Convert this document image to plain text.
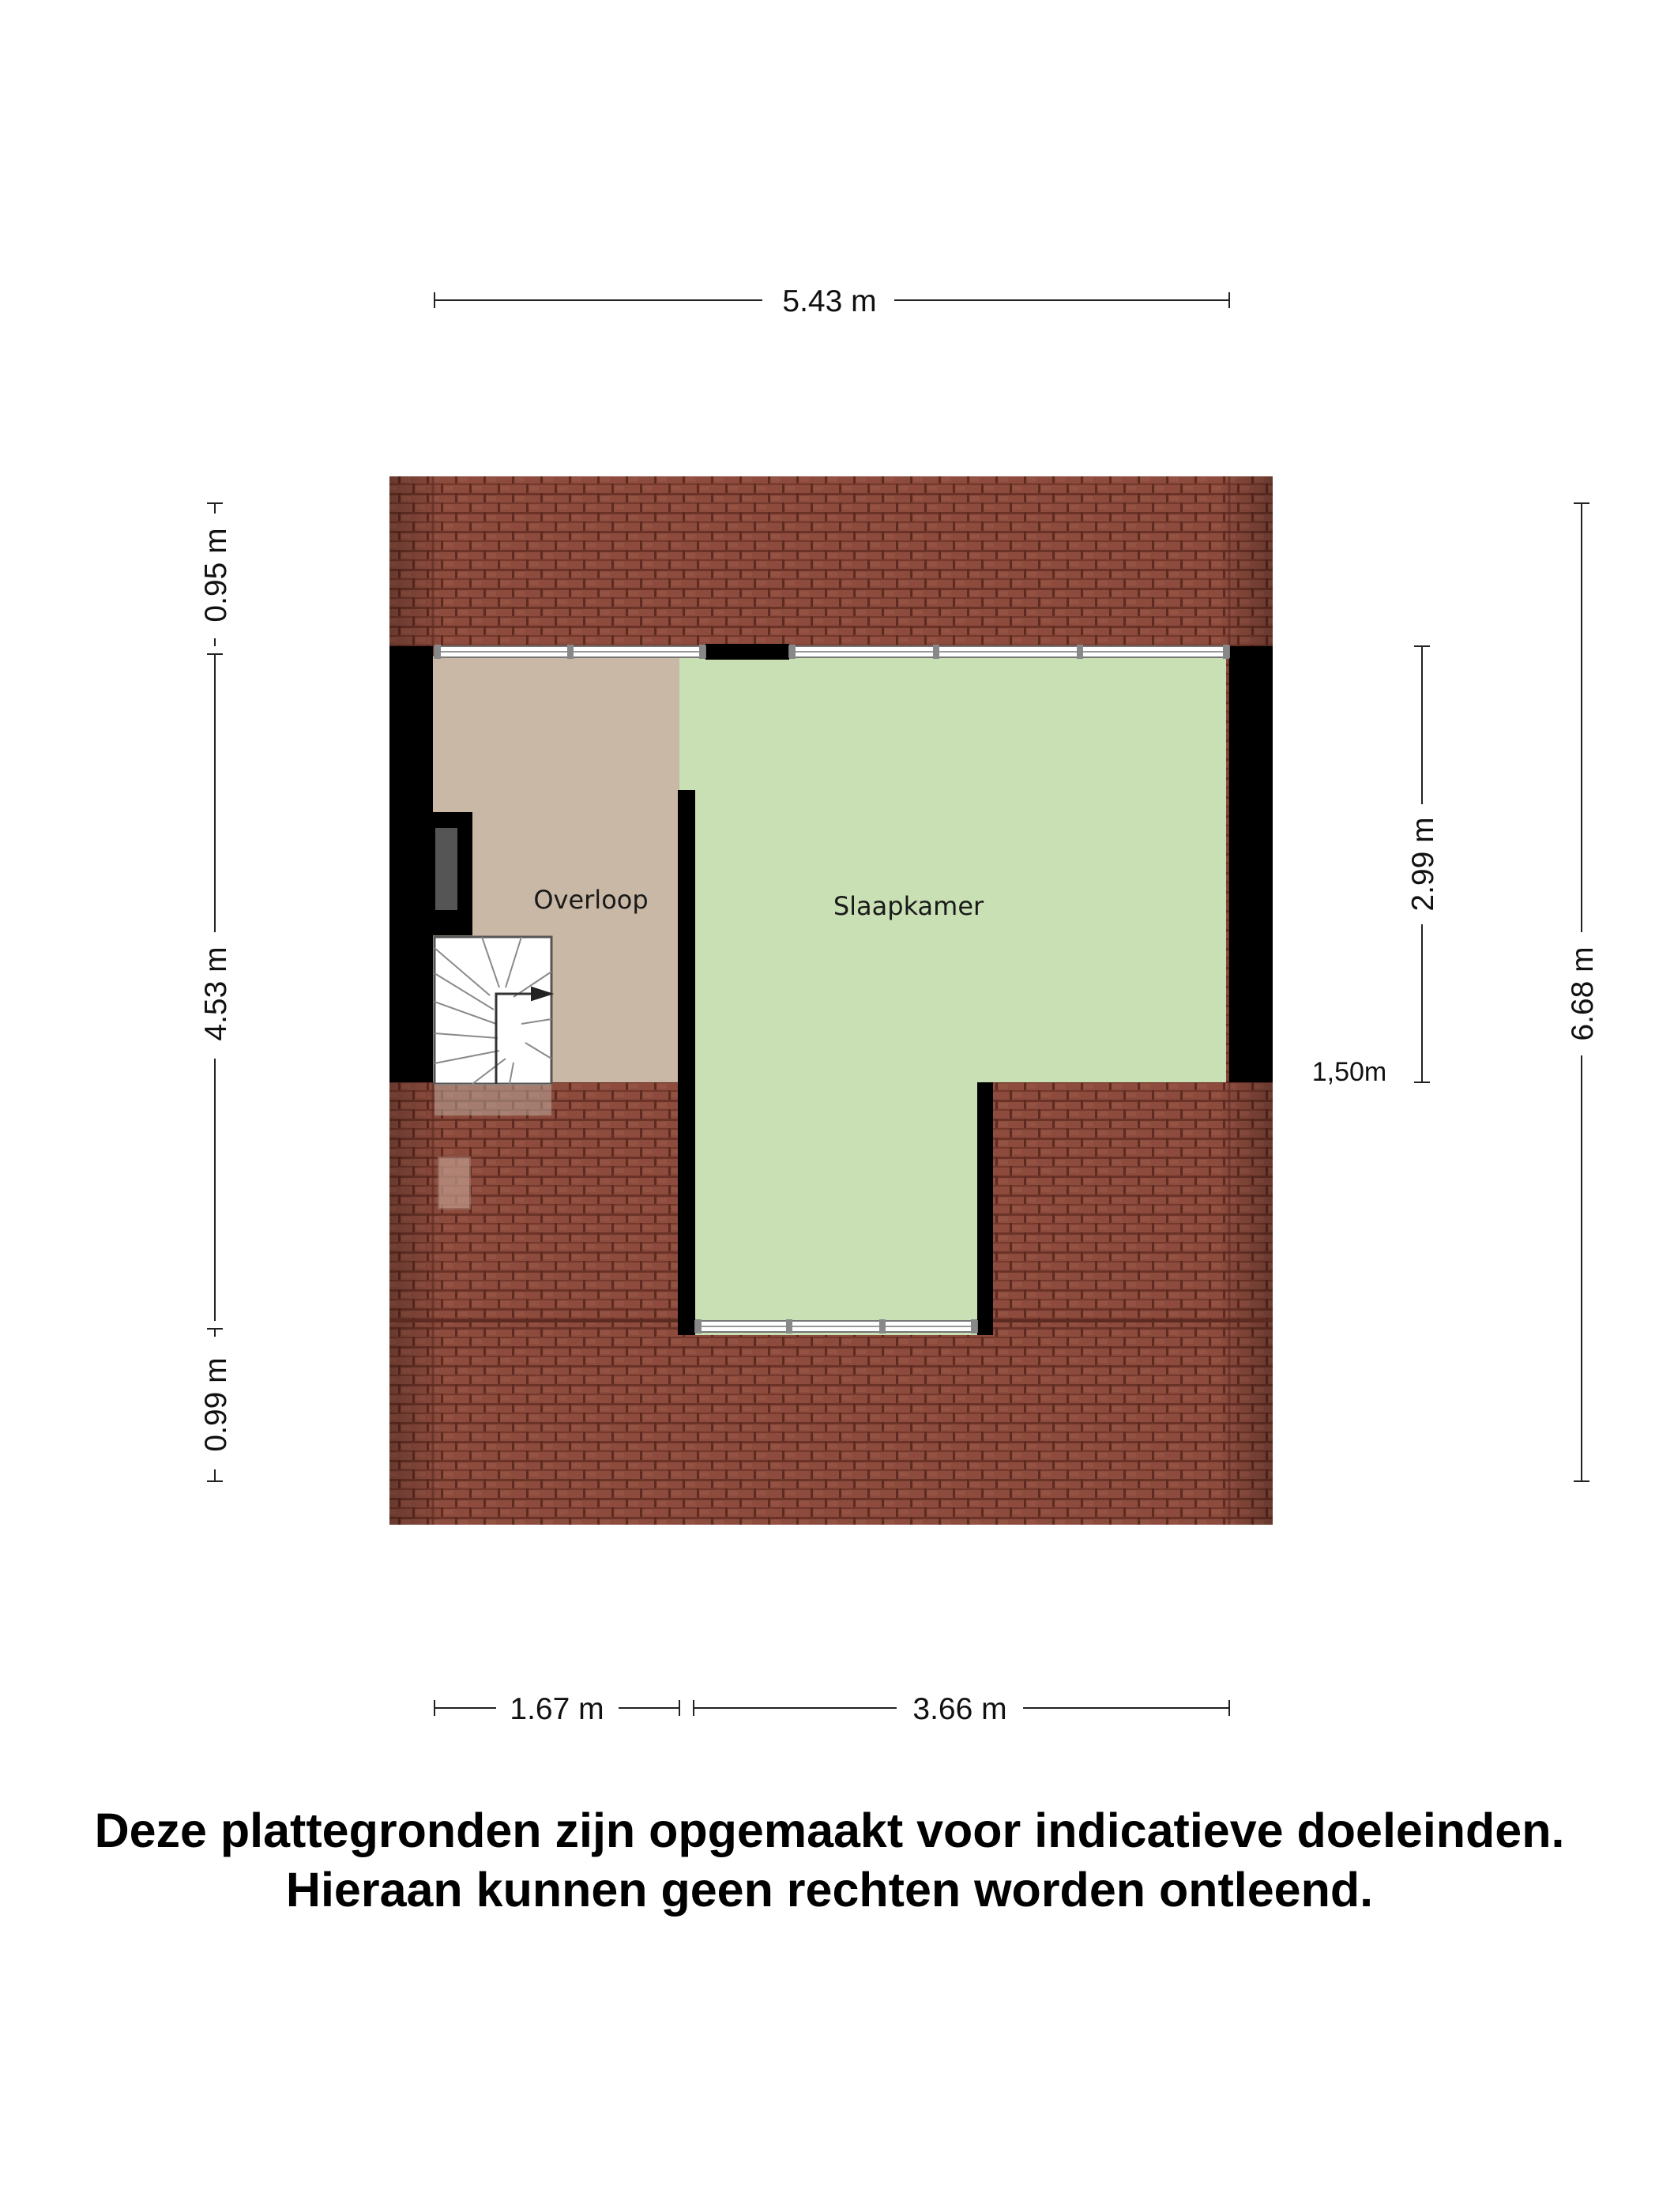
Overloop	Slaapkamer
5.43 m
1.67 m	3.66 m
0.95 m
4.53 m
0.99 m
2.99 m
6.68 m
1,50m
Deze plattegronden zijn opgemaakt voor indicatieve doeleinden.
Hieraan kunnen geen rechten worden ontleend.
